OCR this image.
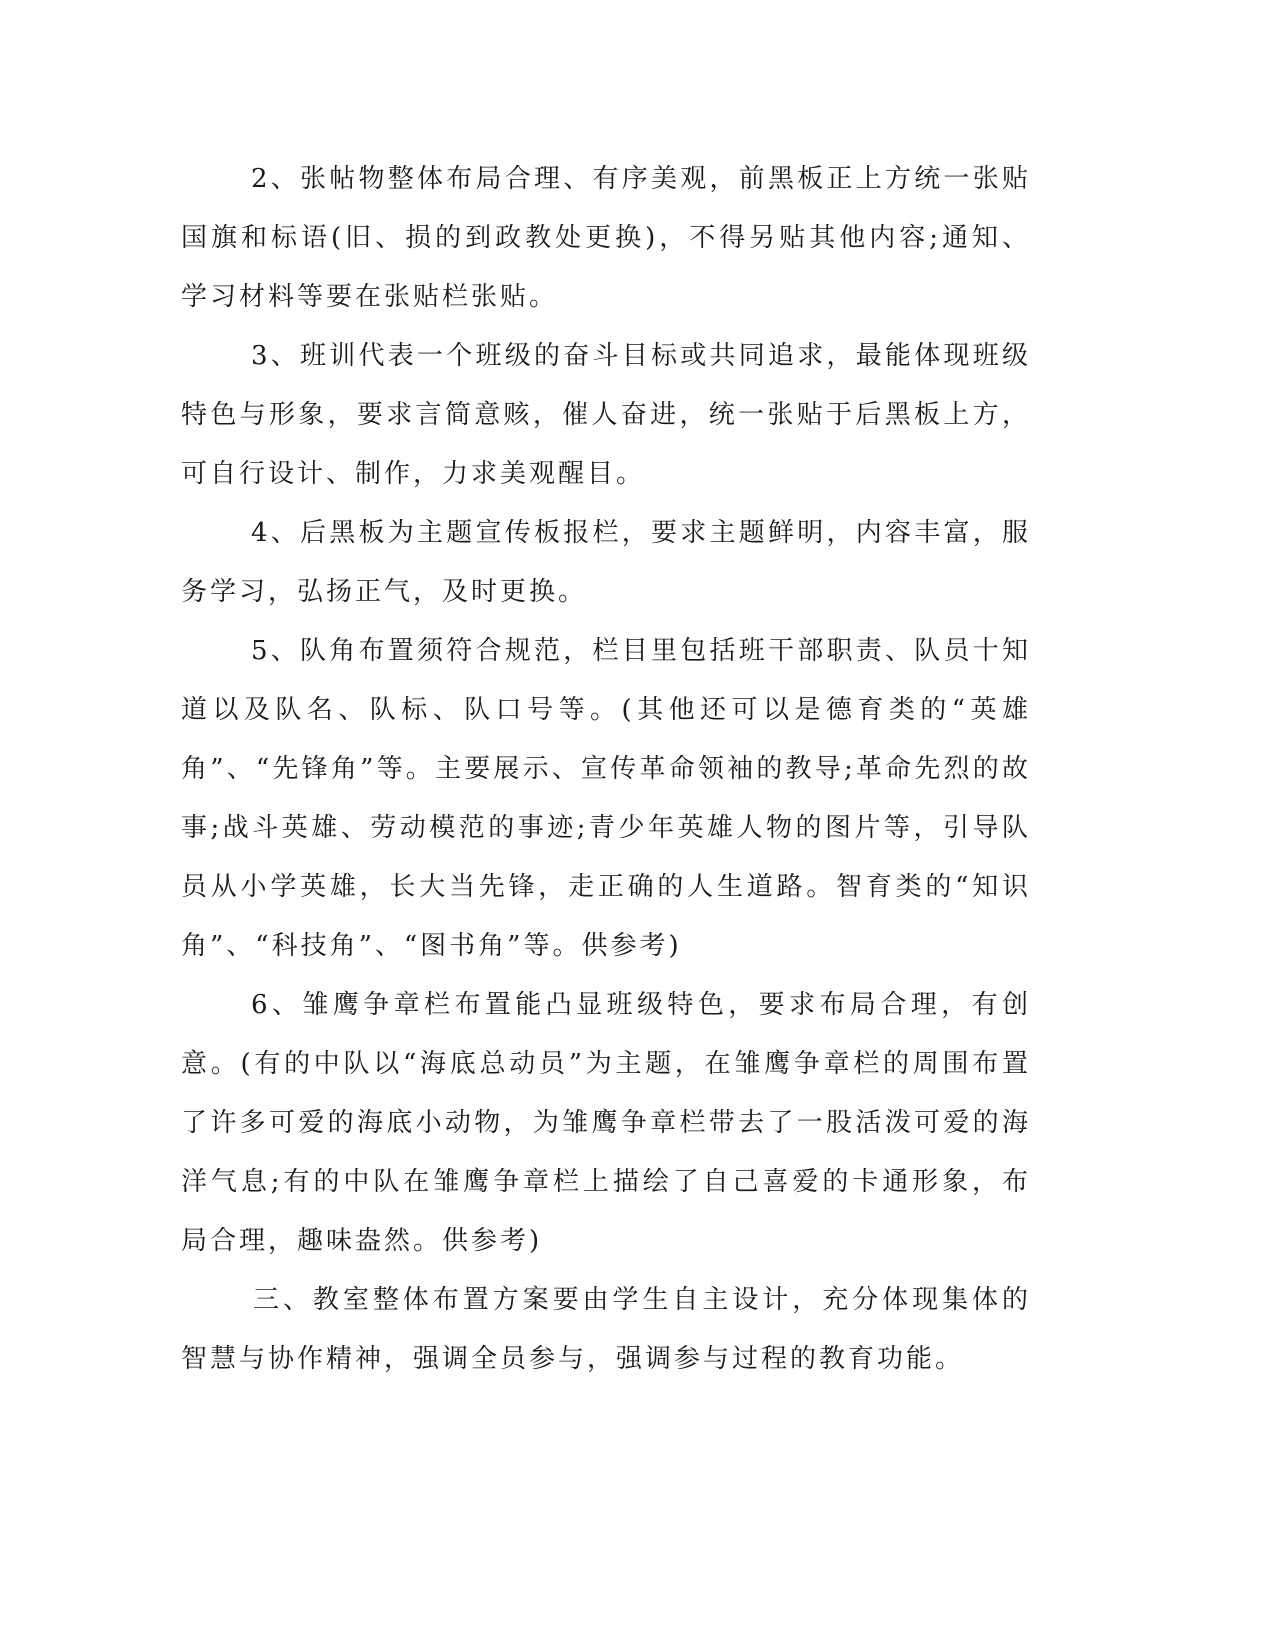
2、张帖物整体布局合理、有序美观，前黑板正上方统一张贴国旗和标语(旧、损的到政教处更换)，不得另贴其他内容;通知、学习材料等要在张贴栏张贴。

3、班训代表一个班级的奋斗目标或共同追求，最能体现班级特色与形象，要求言简意赅，催人奋进，统一张贴于后黑板上方，可自行设计、制作，力求美观醒目。

4、后黑板为主题宣传板报栏，要求主题鲜明，内容丰富，服务学习，弘扬正气，及时更换。

5、队角布置须符合规范，栏目里包括班干部职责、队员十知道以及队名、队标、队口号等。(其他还可以是德育类的“英雄角”、“先锋角”等。主要展示、宣传革命领袖的教导;革命先烈的故事;战斗英雄、劳动模范的事迹;青少年英雄人物的图片等，引导队员从小学英雄，长大当先锋，走正确的人生道路。智育类的“知识角”、“科技角”、“图书角”等。供参考)

6、雏鹰争章栏布置能凸显班级特色，要求布局合理，有创意。(有的中队以“海底总动员”为主题，在雏鹰争章栏的周围布置了许多可爱的海底小动物，为雏鹰争章栏带去了一股活泼可爱的海洋气息;有的中队在雏鹰争章栏上描绘了自己喜爱的卡通形象，布局合理，趣味盎然。供参考)

三、教室整体布置方案要由学生自主设计，充分体现集体的智慧与协作精神，强调全员参与，强调参与过程的教育功能。
